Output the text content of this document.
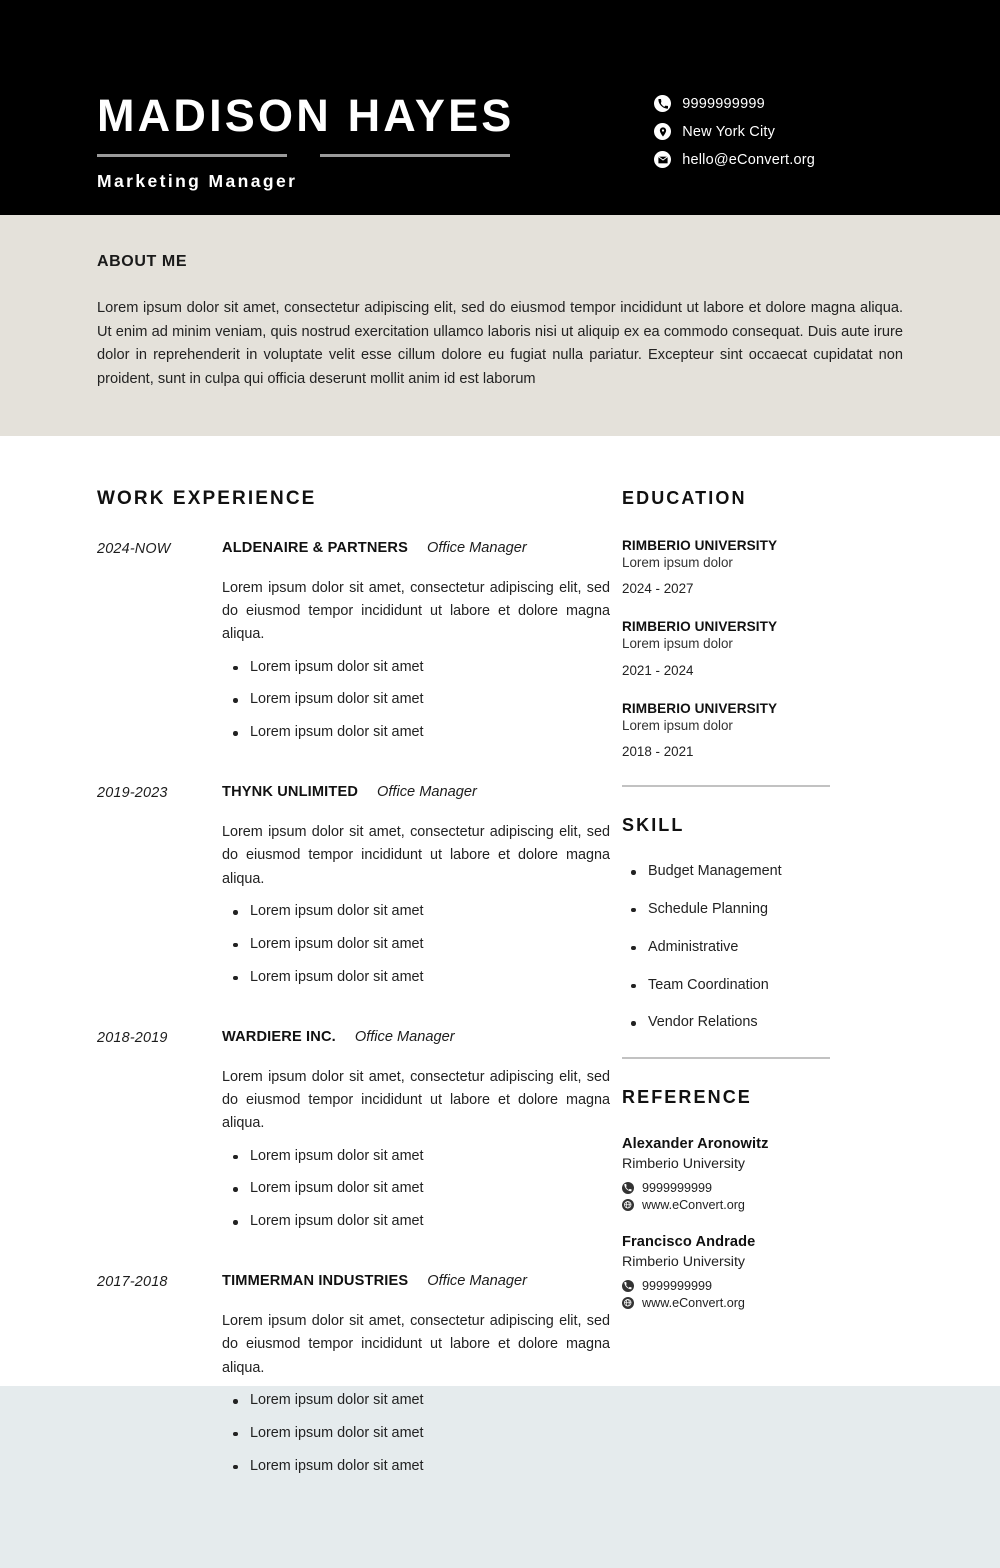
MADISON HAYES
Marketing Manager
9999999999
New York City
hello@eConvert.org
ABOUT ME

Lorem ipsum dolor sit amet, consectetur adipiscing elit, sed do eiusmod tempor incididunt ut labore et dolore magna aliqua. Ut enim ad minim veniam, quis nostrud exercitation ullamco laboris nisi ut aliquip ex ea commodo consequat. Duis aute irure dolor in reprehenderit in voluptate velit esse cillum dolore eu fugiat nulla pariatur. Excepteur sint occaecat cupidatat non proident, sunt in culpa qui officia deserunt mollit anim id est laborum

WORK EXPERIENCE
2024-NOW	ALDENAIRE & PARTNERS Office Manager
Lorem ipsum dolor sit amet, consectetur adipiscing elit, sed do eiusmod tempor incididunt ut labore et dolore magna aliqua.
Lorem ipsum dolor sit amet
Lorem ipsum dolor sit amet
Lorem ipsum dolor sit amet
2019-2023	THYNK UNLIMITED Office Manager
Lorem ipsum dolor sit amet, consectetur adipiscing elit, sed do eiusmod tempor incididunt ut labore et dolore magna aliqua.
Lorem ipsum dolor sit amet
Lorem ipsum dolor sit amet
Lorem ipsum dolor sit amet
2018-2019	WARDIERE INC. Office Manager
Lorem ipsum dolor sit amet, consectetur adipiscing elit, sed do eiusmod tempor incididunt ut labore et dolore magna aliqua.
Lorem ipsum dolor sit amet
Lorem ipsum dolor sit amet
Lorem ipsum dolor sit amet
2017-2018	TIMMERMAN INDUSTRIES Office Manager
Lorem ipsum dolor sit amet, consectetur adipiscing elit, sed do eiusmod tempor incididunt ut labore et dolore magna aliqua.
Lorem ipsum dolor sit amet
Lorem ipsum dolor sit amet
Lorem ipsum dolor sit amet
EDUCATION
RIMBERIO UNIVERSITY
Lorem ipsum dolor
2024 - 2027
RIMBERIO UNIVERSITY
Lorem ipsum dolor
2021 - 2024
RIMBERIO UNIVERSITY
Lorem ipsum dolor
2018 - 2021
SKILL
Budget Management
Schedule Planning
Administrative
Team Coordination
Vendor Relations
REFERENCE
Alexander Aronowitz
Rimberio University
9999999999
www.eConvert.org
Francisco Andrade
Rimberio University
9999999999
www.eConvert.org
